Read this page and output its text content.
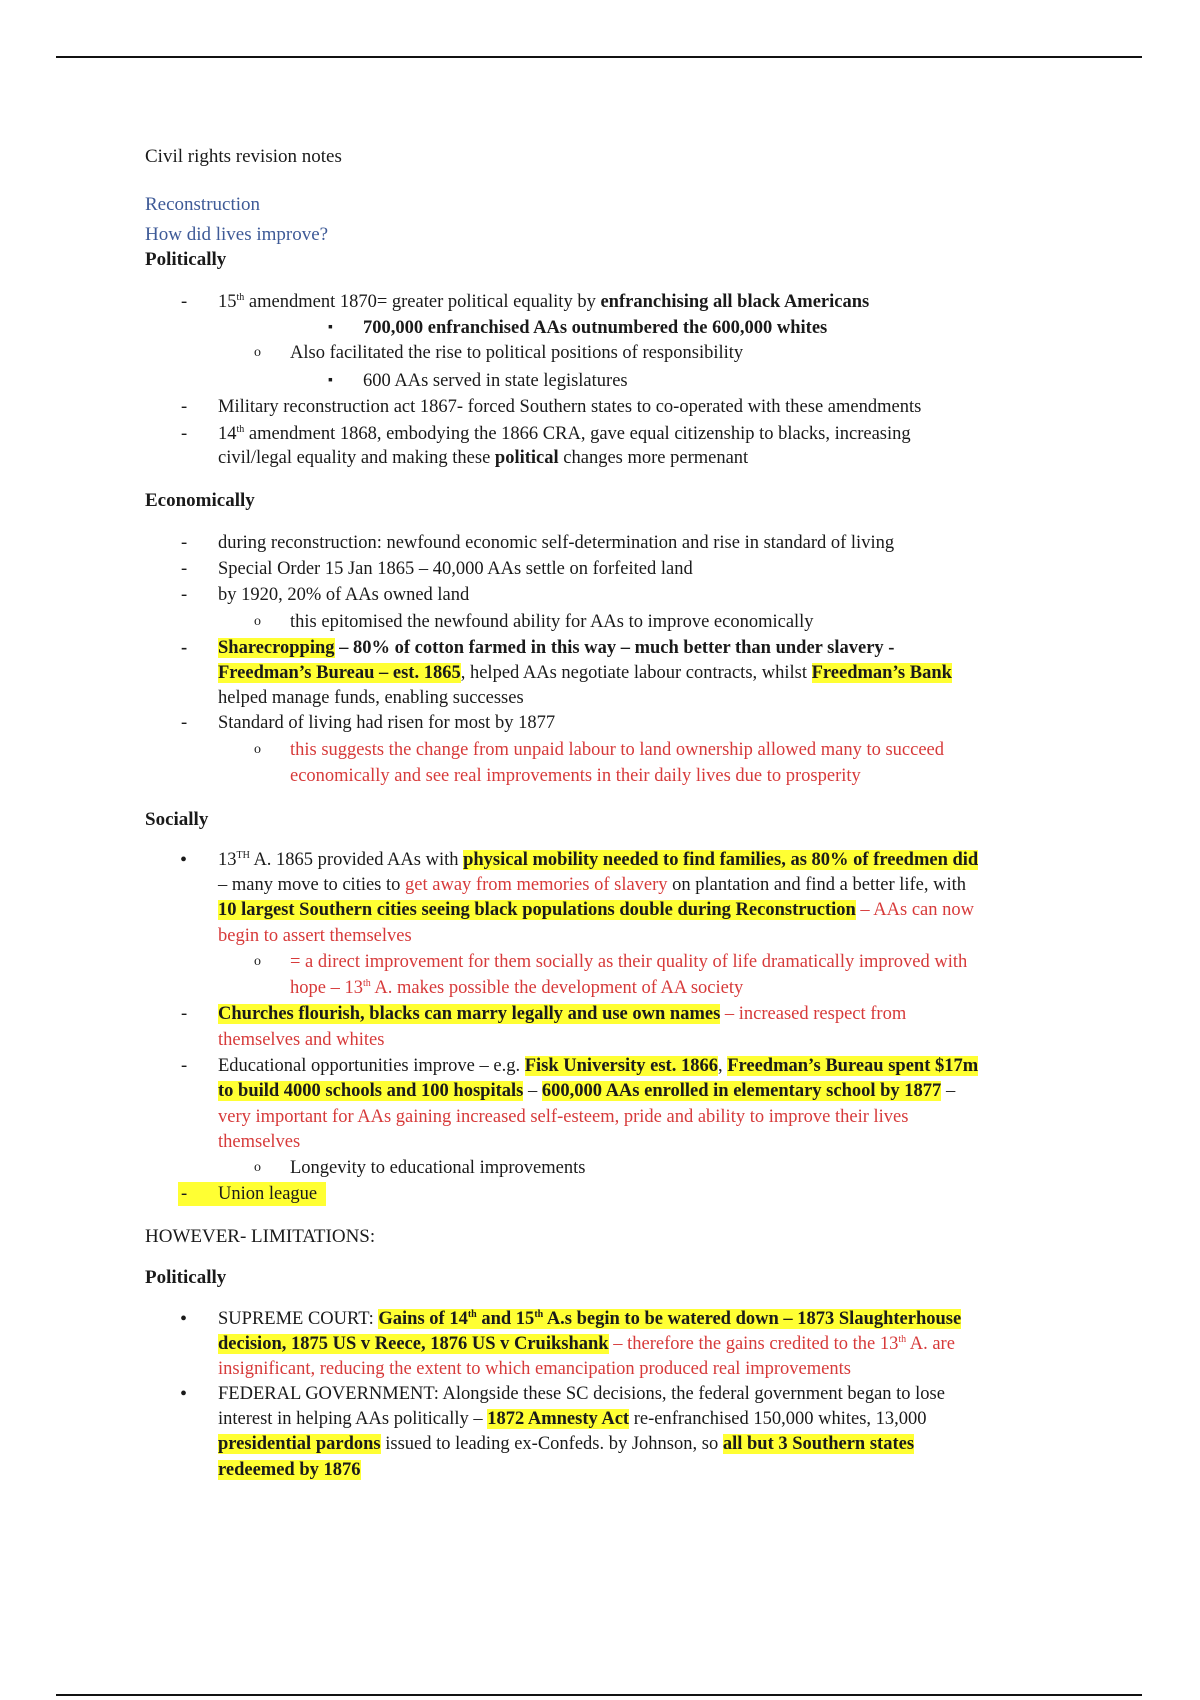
Civil rights revision notes
Reconstruction
How did lives improve?
Politically
- 15th amendment 1870= greater political equality by enfranchising all black Americans
▪ 700,000 enfranchised AAs outnumbered the 600,000 whites
o Also facilitated the rise to political positions of responsibility
▪ 600 AAs served in state legislatures
- Military reconstruction act 1867- forced Southern states to co-operated with these amendments
- 14th amendment 1868, embodying the 1866 CRA, gave equal citizenship to blacks, increasing
civil/legal equality and making these political changes more permenant
Economically
- during reconstruction: newfound economic self-determination and rise in standard of living
- Special Order 15 Jan 1865 – 40,000 AAs settle on forfeited land
- by 1920, 20% of AAs owned land
o this epitomised the newfound ability for AAs to improve economically
- Sharecropping – 80% of cotton farmed in this way – much better than under slavery -
Freedman’s Bureau – est. 1865, helped AAs negotiate labour contracts, whilst Freedman’s Bank
helped manage funds, enabling successes
- Standard of living had risen for most by 1877
o this suggests the change from unpaid labour to land ownership allowed many to succeed
economically and see real improvements in their daily lives due to prosperity
Socially
• 13TH A. 1865 provided AAs with physical mobility needed to find families, as 80% of freedmen did
– many move to cities to get away from memories of slavery on plantation and find a better life, with
10 largest Southern cities seeing black populations double during Reconstruction – AAs can now
begin to assert themselves
o = a direct improvement for them socially as their quality of life dramatically improved with
hope – 13th A. makes possible the development of AA society
- Churches flourish, blacks can marry legally and use own names – increased respect from
themselves and whites
- Educational opportunities improve – e.g. Fisk University est. 1866, Freedman’s Bureau spent $17m
to build 4000 schools and 100 hospitals – 600,000 AAs enrolled in elementary school by 1877 –
very important for AAs gaining increased self-esteem, pride and ability to improve their lives
themselves
o Longevity to educational improvements
- Union league
HOWEVER- LIMITATIONS:
Politically
• SUPREME COURT: Gains of 14th and 15th A.s begin to be watered down – 1873 Slaughterhouse
decision, 1875 US v Reece, 1876 US v Cruikshank – therefore the gains credited to the 13th A. are
insignificant, reducing the extent to which emancipation produced real improvements
• FEDERAL GOVERNMENT: Alongside these SC decisions, the federal government began to lose
interest in helping AAs politically – 1872 Amnesty Act re-enfranchised 150,000 whites, 13,000
presidential pardons issued to leading ex-Confeds. by Johnson, so all but 3 Southern states
redeemed by 1876
